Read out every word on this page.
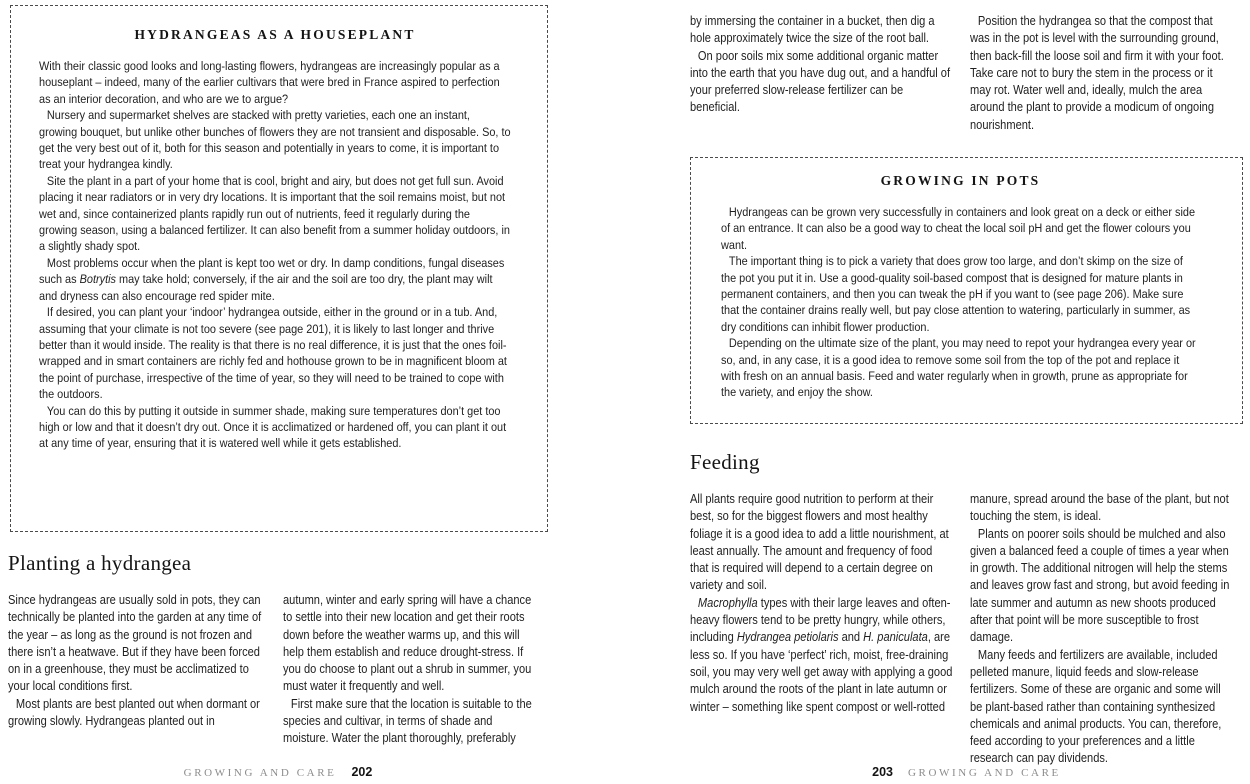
HYDRANGEAS AS A HOUSEPLANT

With their classic good looks and long-lasting flowers, hydrangeas are increasingly popular as a houseplant – indeed, many of the earlier cultivars that were bred in France aspired to perfection as an interior decoration, and who are we to argue?

Nursery and supermarket shelves are stacked with pretty varieties, each one an instant, growing bouquet, but unlike other bunches of flowers they are not transient and disposable. So, to get the very best out of it, both for this season and potentially in years to come, it is important to treat your hydrangea kindly.

Site the plant in a part of your home that is cool, bright and airy, but does not get full sun. Avoid placing it near radiators or in very dry locations. It is important that the soil remains moist, but not wet and, since containerized plants rapidly run out of nutrients, feed it regularly during the growing season, using a balanced fertilizer. It can also benefit from a summer holiday outdoors, in a slightly shady spot.

Most problems occur when the plant is kept too wet or dry. In damp conditions, fungal diseases such as Botrytis may take hold; conversely, if the air and the soil are too dry, the plant may wilt and dryness can also encourage red spider mite.

If desired, you can plant your ‘indoor’ hydrangea outside, either in the ground or in a tub. And, assuming that your climate is not too severe (see page 201), it is likely to last longer and thrive better than it would inside. The reality is that there is no real difference, it is just that the ones foil-wrapped and in smart containers are richly fed and hothouse grown to be in magnificent bloom at the point of purchase, irrespective of the time of year, so they will need to be trained to cope with the outdoors.

You can do this by putting it outside in summer shade, making sure temperatures don’t get too high or low and that it doesn’t dry out. Once it is acclimatized or hardened off, you can plant it out at any time of year, ensuring that it is watered well while it gets established.

Planting a hydrangea

Since hydrangeas are usually sold in pots, they can technically be planted into the garden at any time of the year – as long as the ground is not frozen and there isn’t a heatwave. But if they have been forced on in a greenhouse, they must be acclimatized to your local conditions first.

Most plants are best planted out when dormant or growing slowly. Hydrangeas planted out in

autumn, winter and early spring will have a chance to settle into their new location and get their roots down before the weather warms up, and this will help them establish and reduce drought-stress. If you do choose to plant out a shrub in summer, you must water it frequently and well.

First make sure that the location is suitable to the species and cultivar, in terms of shade and moisture. Water the plant thoroughly, preferably

GROWING AND CARE 202

by immersing the container in a bucket, then dig a hole approximately twice the size of the root ball.

On poor soils mix some additional organic matter into the earth that you have dug out, and a handful of your preferred slow-release fertilizer can be beneficial.

Position the hydrangea so that the compost that was in the pot is level with the surrounding ground, then back-fill the loose soil and firm it with your foot. Take care not to bury the stem in the process or it may rot. Water well and, ideally, mulch the area around the plant to provide a modicum of ongoing nourishment.

GROWING IN POTS

Hydrangeas can be grown very successfully in containers and look great on a deck or either side of an entrance. It can also be a good way to cheat the local soil pH and get the flower colours you want.

The important thing is to pick a variety that does grow too large, and don’t skimp on the size of the pot you put it in. Use a good-quality soil-based compost that is designed for mature plants in permanent containers, and then you can tweak the pH if you want to (see page 206). Make sure that the container drains really well, but pay close attention to watering, particularly in summer, as dry conditions can inhibit flower production.

Depending on the ultimate size of the plant, you may need to repot your hydrangea every year or so, and, in any case, it is a good idea to remove some soil from the top of the pot and replace it with fresh on an annual basis. Feed and water regularly when in growth, prune as appropriate for the variety, and enjoy the show.

Feeding

All plants require good nutrition to perform at their best, so for the biggest flowers and most healthy foliage it is a good idea to add a little nourishment, at least annually. The amount and frequency of food that is required will depend to a certain degree on variety and soil.

Macrophylla types with their large leaves and often-heavy flowers tend to be pretty hungry, while others, including Hydrangea petiolaris and H. paniculata, are less so. If you have ‘perfect’ rich, moist, free-draining soil, you may very well get away with applying a good mulch around the roots of the plant in late autumn or winter – something like spent compost or well-rotted

manure, spread around the base of the plant, but not touching the stem, is ideal.

Plants on poorer soils should be mulched and also given a balanced feed a couple of times a year when in growth. The additional nitrogen will help the stems and leaves grow fast and strong, but avoid feeding in late summer and autumn as new shoots produced after that point will be more susceptible to frost damage.

Many feeds and fertilizers are available, included pelleted manure, liquid feeds and slow-release fertilizers. Some of these are organic and some will be plant-based rather than containing synthesized chemicals and animal products. You can, therefore, feed according to your preferences and a little research can pay dividends.

203 GROWING AND CARE
